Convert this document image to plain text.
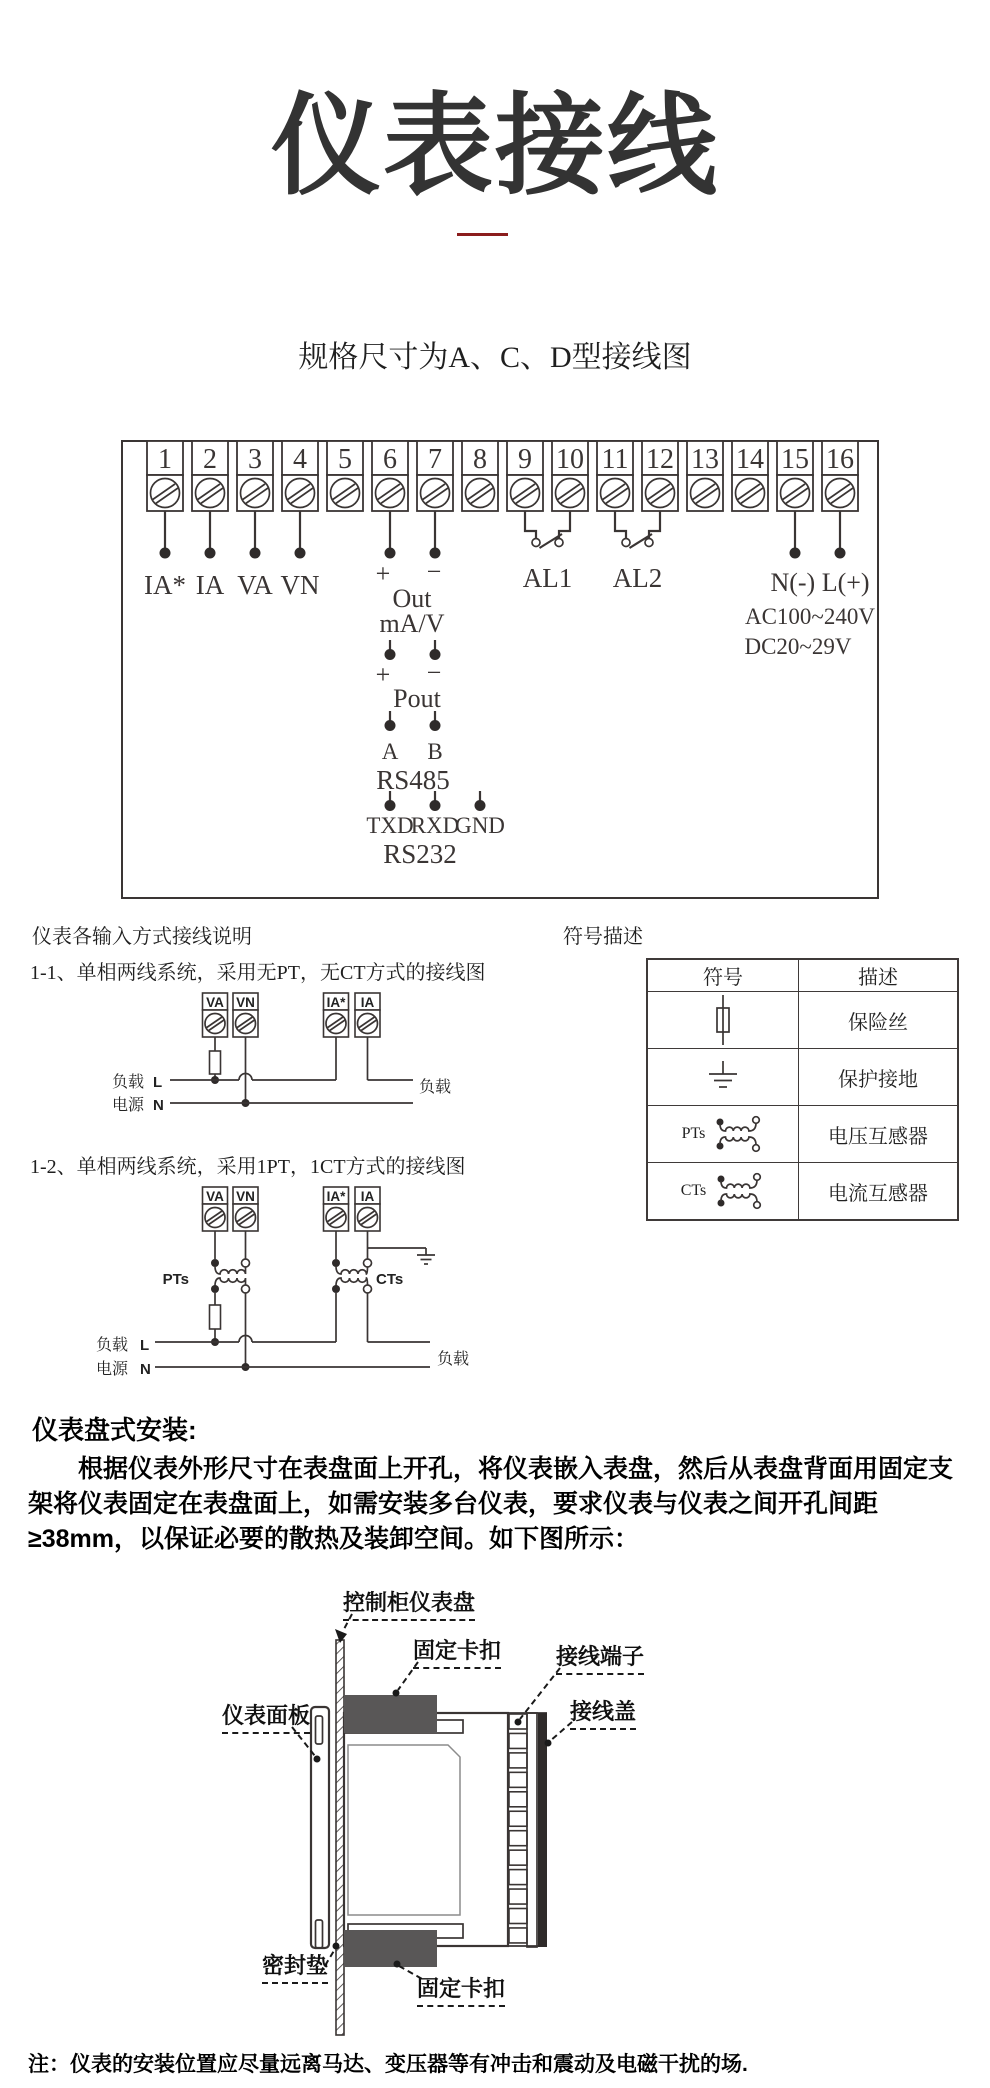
仪表接线
规格尺寸为A、C、D型接线图
1 2 3 4 5 6 7 8 9 10 11 12 13 14 15 16
IA* IA VA VN + −
Out
mA/V
+ −
Pout
A B
RS485
TXD
RXD
GND
RS232
AL1 AL2	N(-) L(+)
AC100~240V
DC20~29V
仪表各输入方式接线说明	符号描述
1-1、单相两线系统，采用无PT，无CT方式的接线图
VA VN	IA* IA
负载 L
电源 N
负载
1-2、单相两线系统，采用1PT，1CT方式的接线图
VA VN	IA* IA
PTs	CTs
负载 L
电源 N
负载
符号	描述

	保险丝

	保护接地

PTs	电压互感器

CTs	电流互感器
仪表盘式安装:
根据仪表外形尺寸在表盘面上开孔，将仪表嵌入表盘，然后从表盘背面用固定支架将仪表固定在表盘面上，如需安装多台仪表，要求仪表与仪表之间开孔间距≥38mm，以保证必要的散热及装卸空间。如下图所示：
控制柜仪表盘
固定卡扣 接线端子
接线盖
仪表面板
密封垫
固定卡扣
注：仪表的安装位置应尽量远离马达、变压器等有冲击和震动及电磁干扰的场.
